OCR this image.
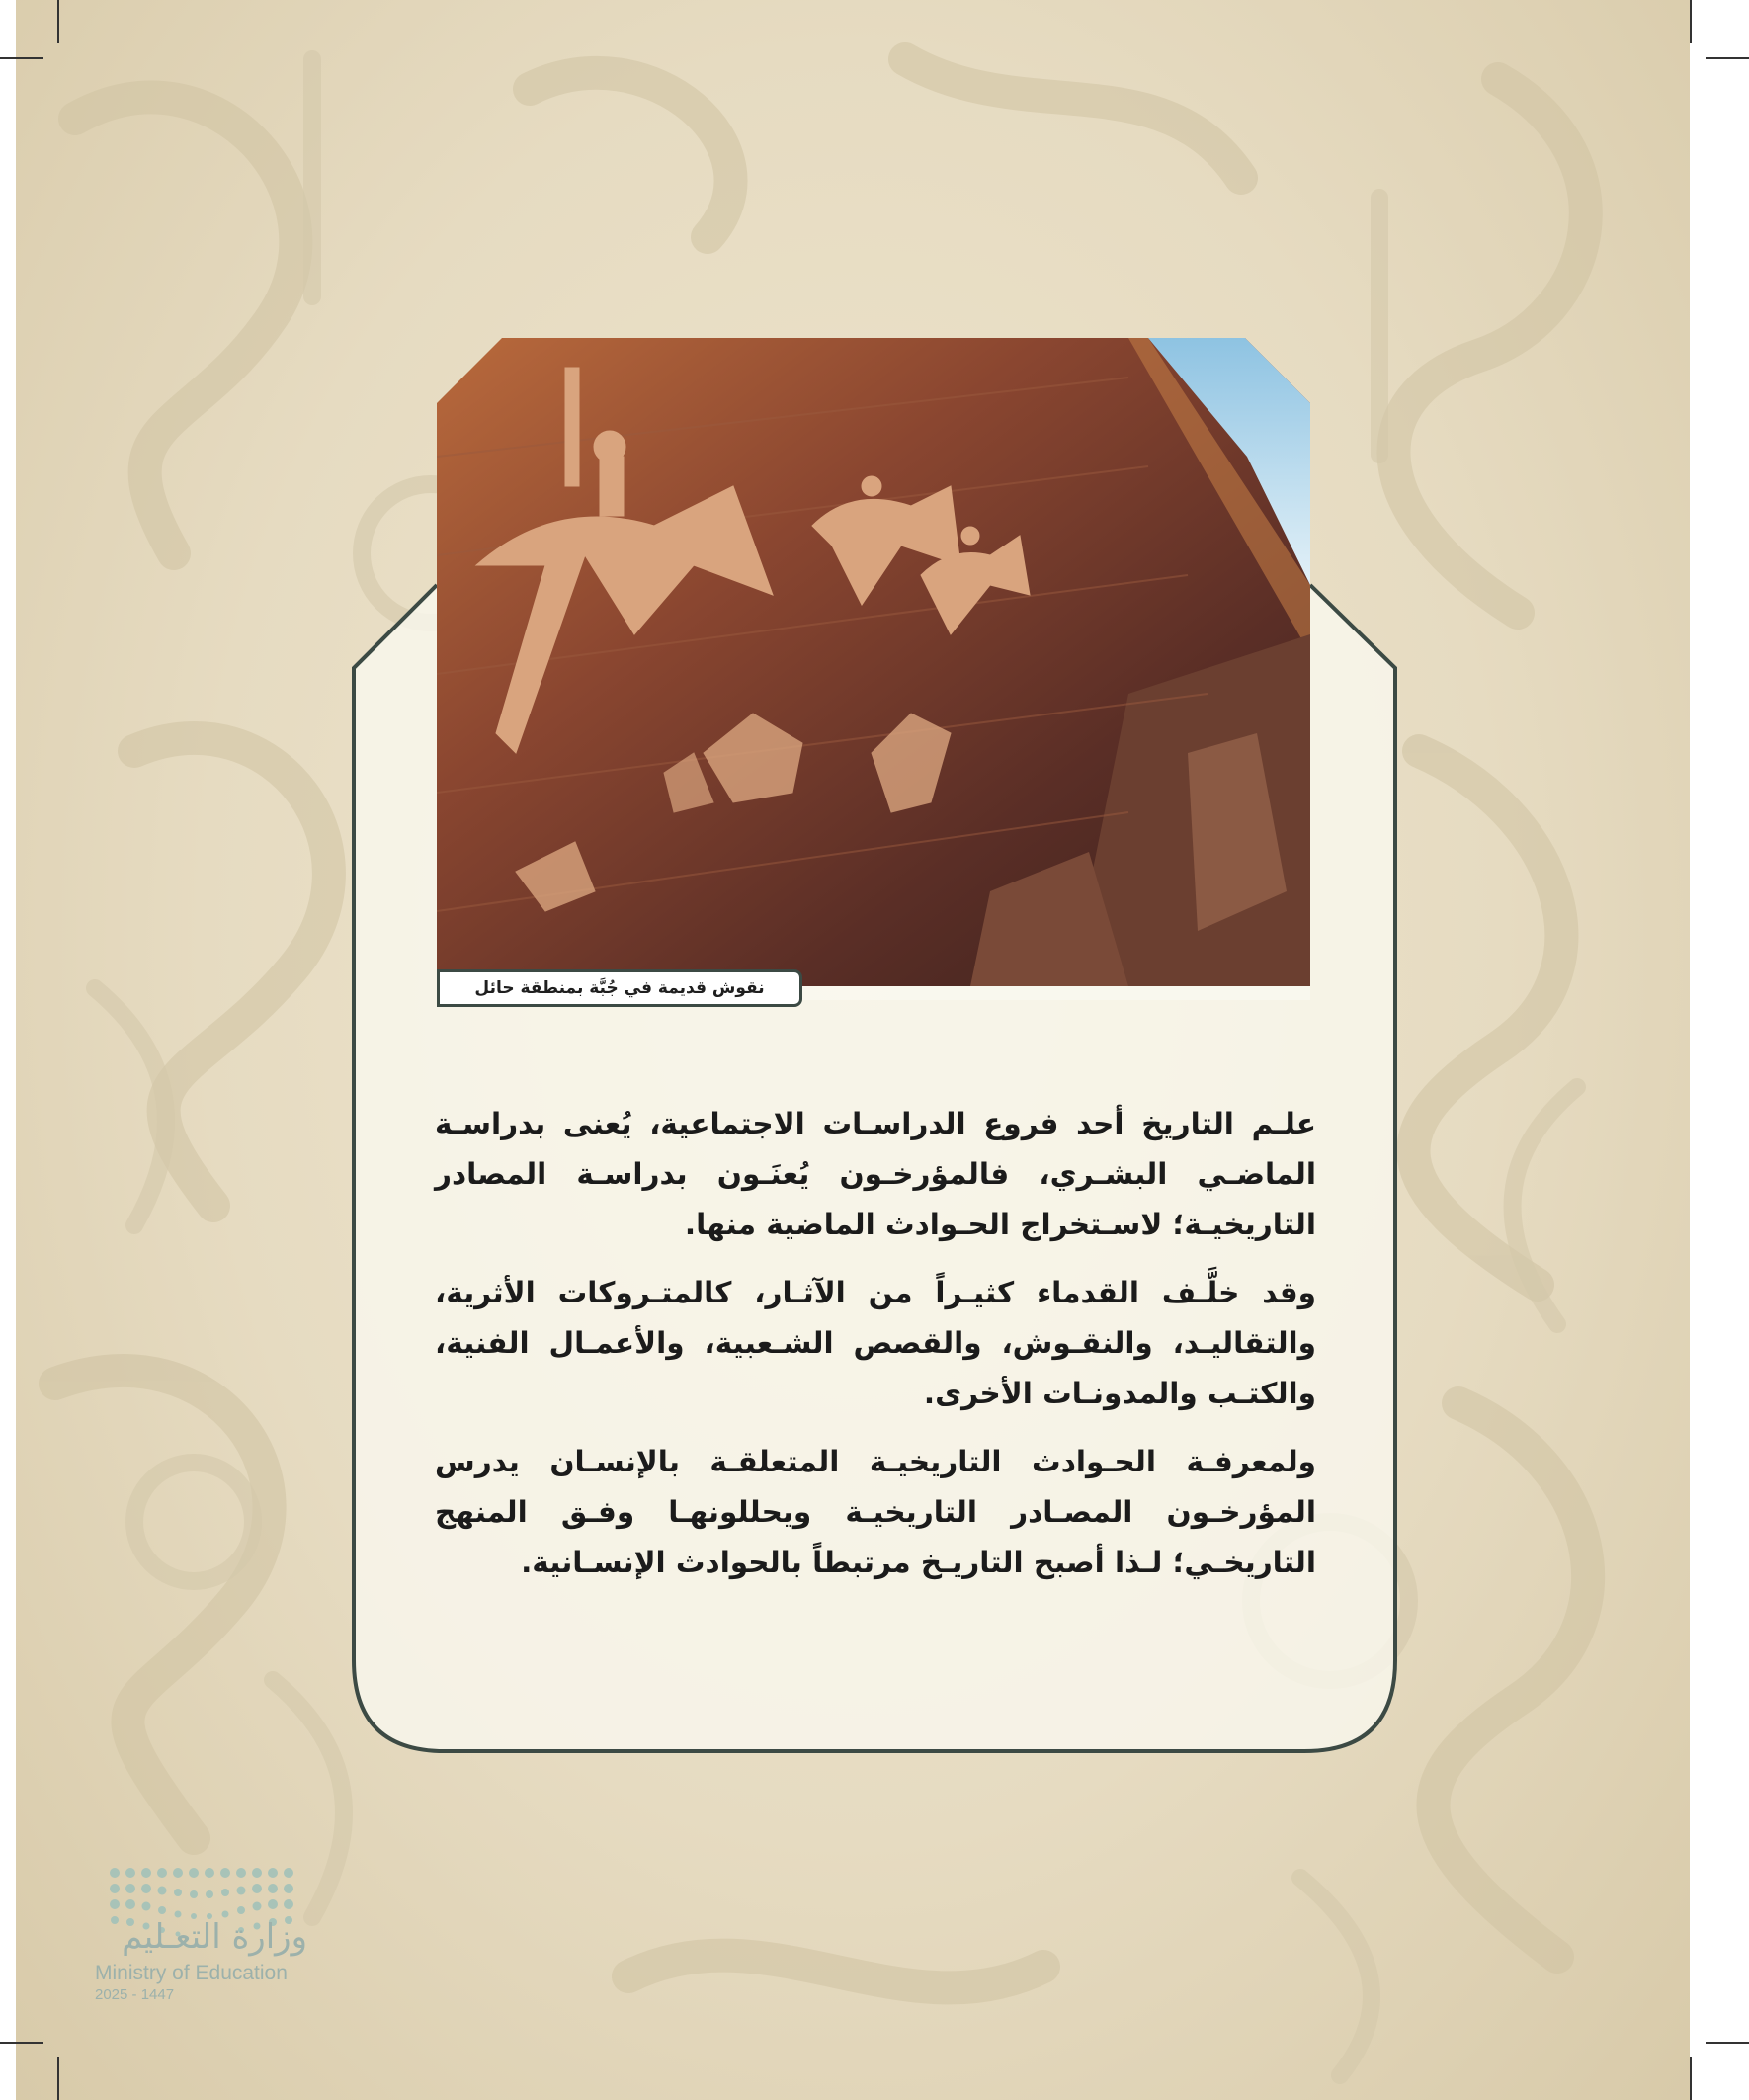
نقوش قديمة في جُبَّة بمنطقة حائل

علـم التاريخ أحد فروع الدراسـات الاجتماعية، يُعنى بدراسـة الماضـي البشـري، فالمؤرخـون يُعنَـون بدراسـة المصادر التاريخيـة؛ لاسـتخراج الحـوادث الماضية منها.

وقد خلَّـف القدماء كثيـراً من الآثـار، كالمتـروكات الأثرية، والتقاليـد، والنقـوش، والقصص الشـعبية، والأعمـال الفنية، والكتـب والمدونـات الأخرى.

ولمعرفـة الحـوادث التاريخيـة المتعلقـة بالإنسـان يدرس المؤرخـون المصـادر التاريخيـة ويحللونهـا وفـق المنهج التاريخـي؛ لـذا أصبح التاريـخ مرتبطاً بالحوادث الإنسـانية.

وزارة التعـليم
Ministry of Education
2025 - 1447
